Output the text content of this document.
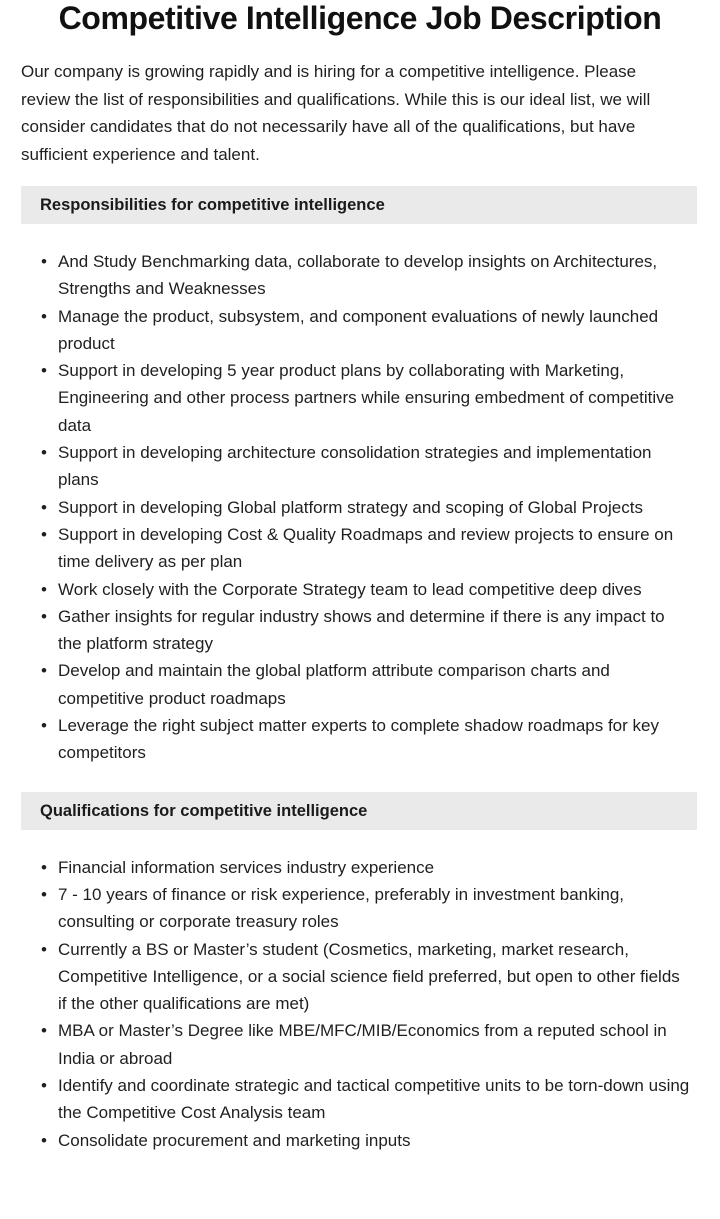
Competitive Intelligence Job Description

Our company is growing rapidly and is hiring for a competitive intelligence. Please review the list of responsibilities and qualifications. While this is our ideal list, we will consider candidates that do not necessarily have all of the qualifications, but have sufficient experience and talent.

Responsibilities for competitive intelligence
• And Study Benchmarking data, collaborate to develop insights on Architectures, Strengths and Weaknesses
• Manage the product, subsystem, and component evaluations of newly launched product
• Support in developing 5 year product plans by collaborating with Marketing, Engineering and other process partners while ensuring embedment of competitive data
• Support in developing architecture consolidation strategies and implementation plans
• Support in developing Global platform strategy and scoping of Global Projects
• Support in developing Cost & Quality Roadmaps and review projects to ensure on time delivery as per plan
• Work closely with the Corporate Strategy team to lead competitive deep dives
• Gather insights for regular industry shows and determine if there is any impact to the platform strategy
• Develop and maintain the global platform attribute comparison charts and competitive product roadmaps
• Leverage the right subject matter experts to complete shadow roadmaps for key competitors
Qualifications for competitive intelligence
• Financial information services industry experience
• 7 - 10 years of finance or risk experience, preferably in investment banking, consulting or corporate treasury roles
• Currently a BS or Master’s student (Cosmetics, marketing, market research, Competitive Intelligence, or a social science field preferred, but open to other fields if the other qualifications are met)
• MBA or Master’s Degree like MBE/MFC/MIB/Economics from a reputed school in India or abroad
• Identify and coordinate strategic and tactical competitive units to be torn-down using the Competitive Cost Analysis team
• Consolidate procurement and marketing inputs
